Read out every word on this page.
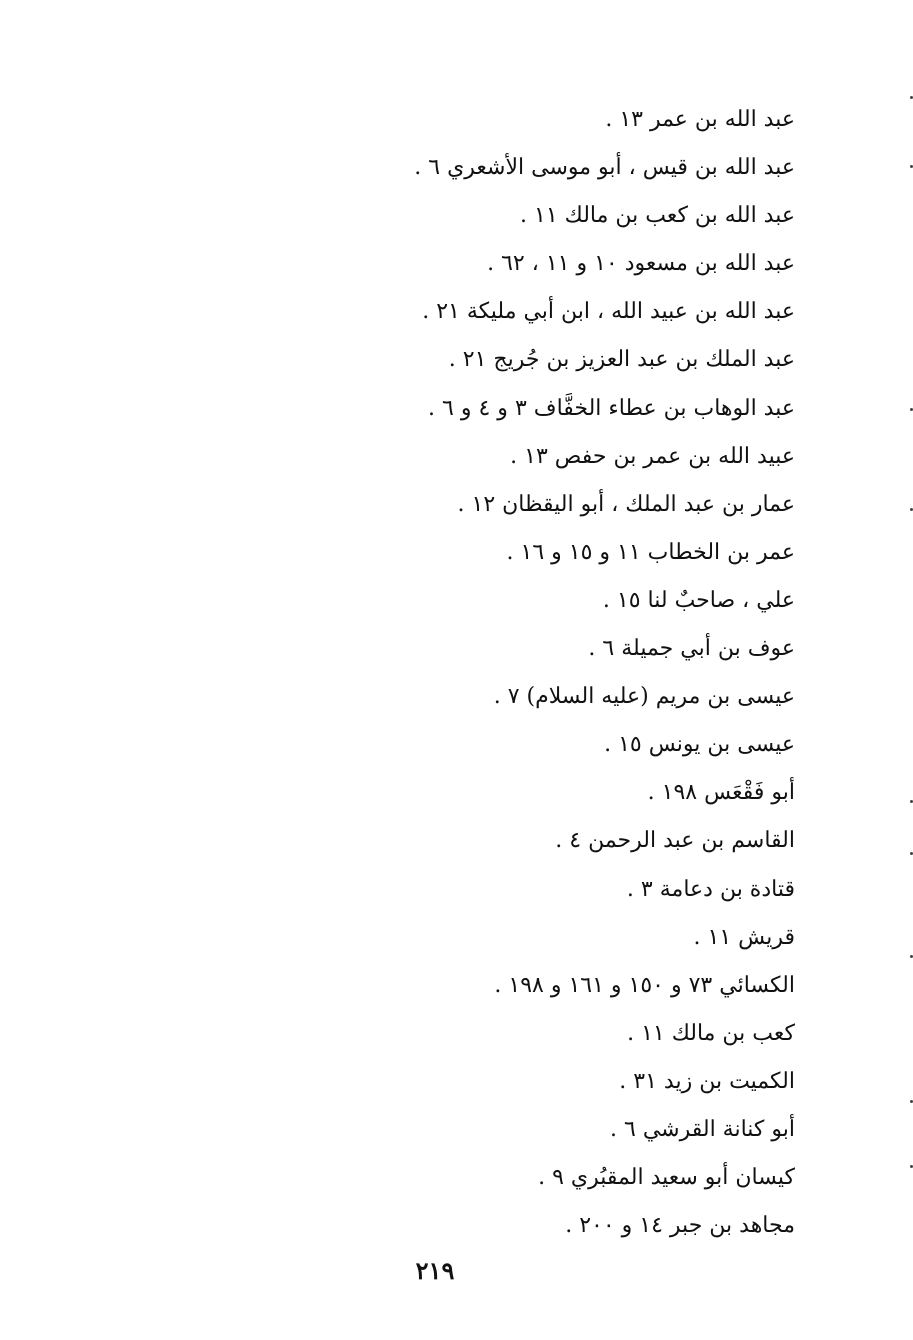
عبد الله بن عمر ١٣ .
عبد الله بن قيس ، أبو موسى الأشعري ٦ .
عبد الله بن كعب بن مالك ١١ .
عبد الله بن مسعود ١٠ و ١١ ، ٦٢ .
عبد الله بن عبيد الله ، ابن أبي مليكة ٢١ .
عبد الملك بن عبد العزيز بن جُريج ٢١ .
عبد الوهاب بن عطاء الخفَّاف ٣ و ٤ و ٦ .
عبيد الله بن عمر بن حفص ١٣ .
عمار بن عبد الملك ، أبو اليقظان ١٢ .
عمر بن الخطاب ١١ و ١٥ و ١٦ .
علي ، صاحبٌ لنا ١٥ .
عوف بن أبي جميلة ٦ .
عيسى بن مريم (عليه السلام) ٧ .
عيسى بن يونس ١٥ .
أبو فَقْعَس ١٩٨ .
القاسم بن عبد الرحمن ٤ .
قتادة بن دعامة ٣ .
قريش ١١ .
الكسائي ٧٣ و ١٥٠ و ١٦١ و ١٩٨ .
كعب بن مالك ١١ .
الكميت بن زيد ٣١ .
أبو كنانة القرشي ٦ .
كيسان أبو سعيد المقبُري ٩ .
مجاهد بن جبر ١٤ و ٢٠٠ .
٢١٩
